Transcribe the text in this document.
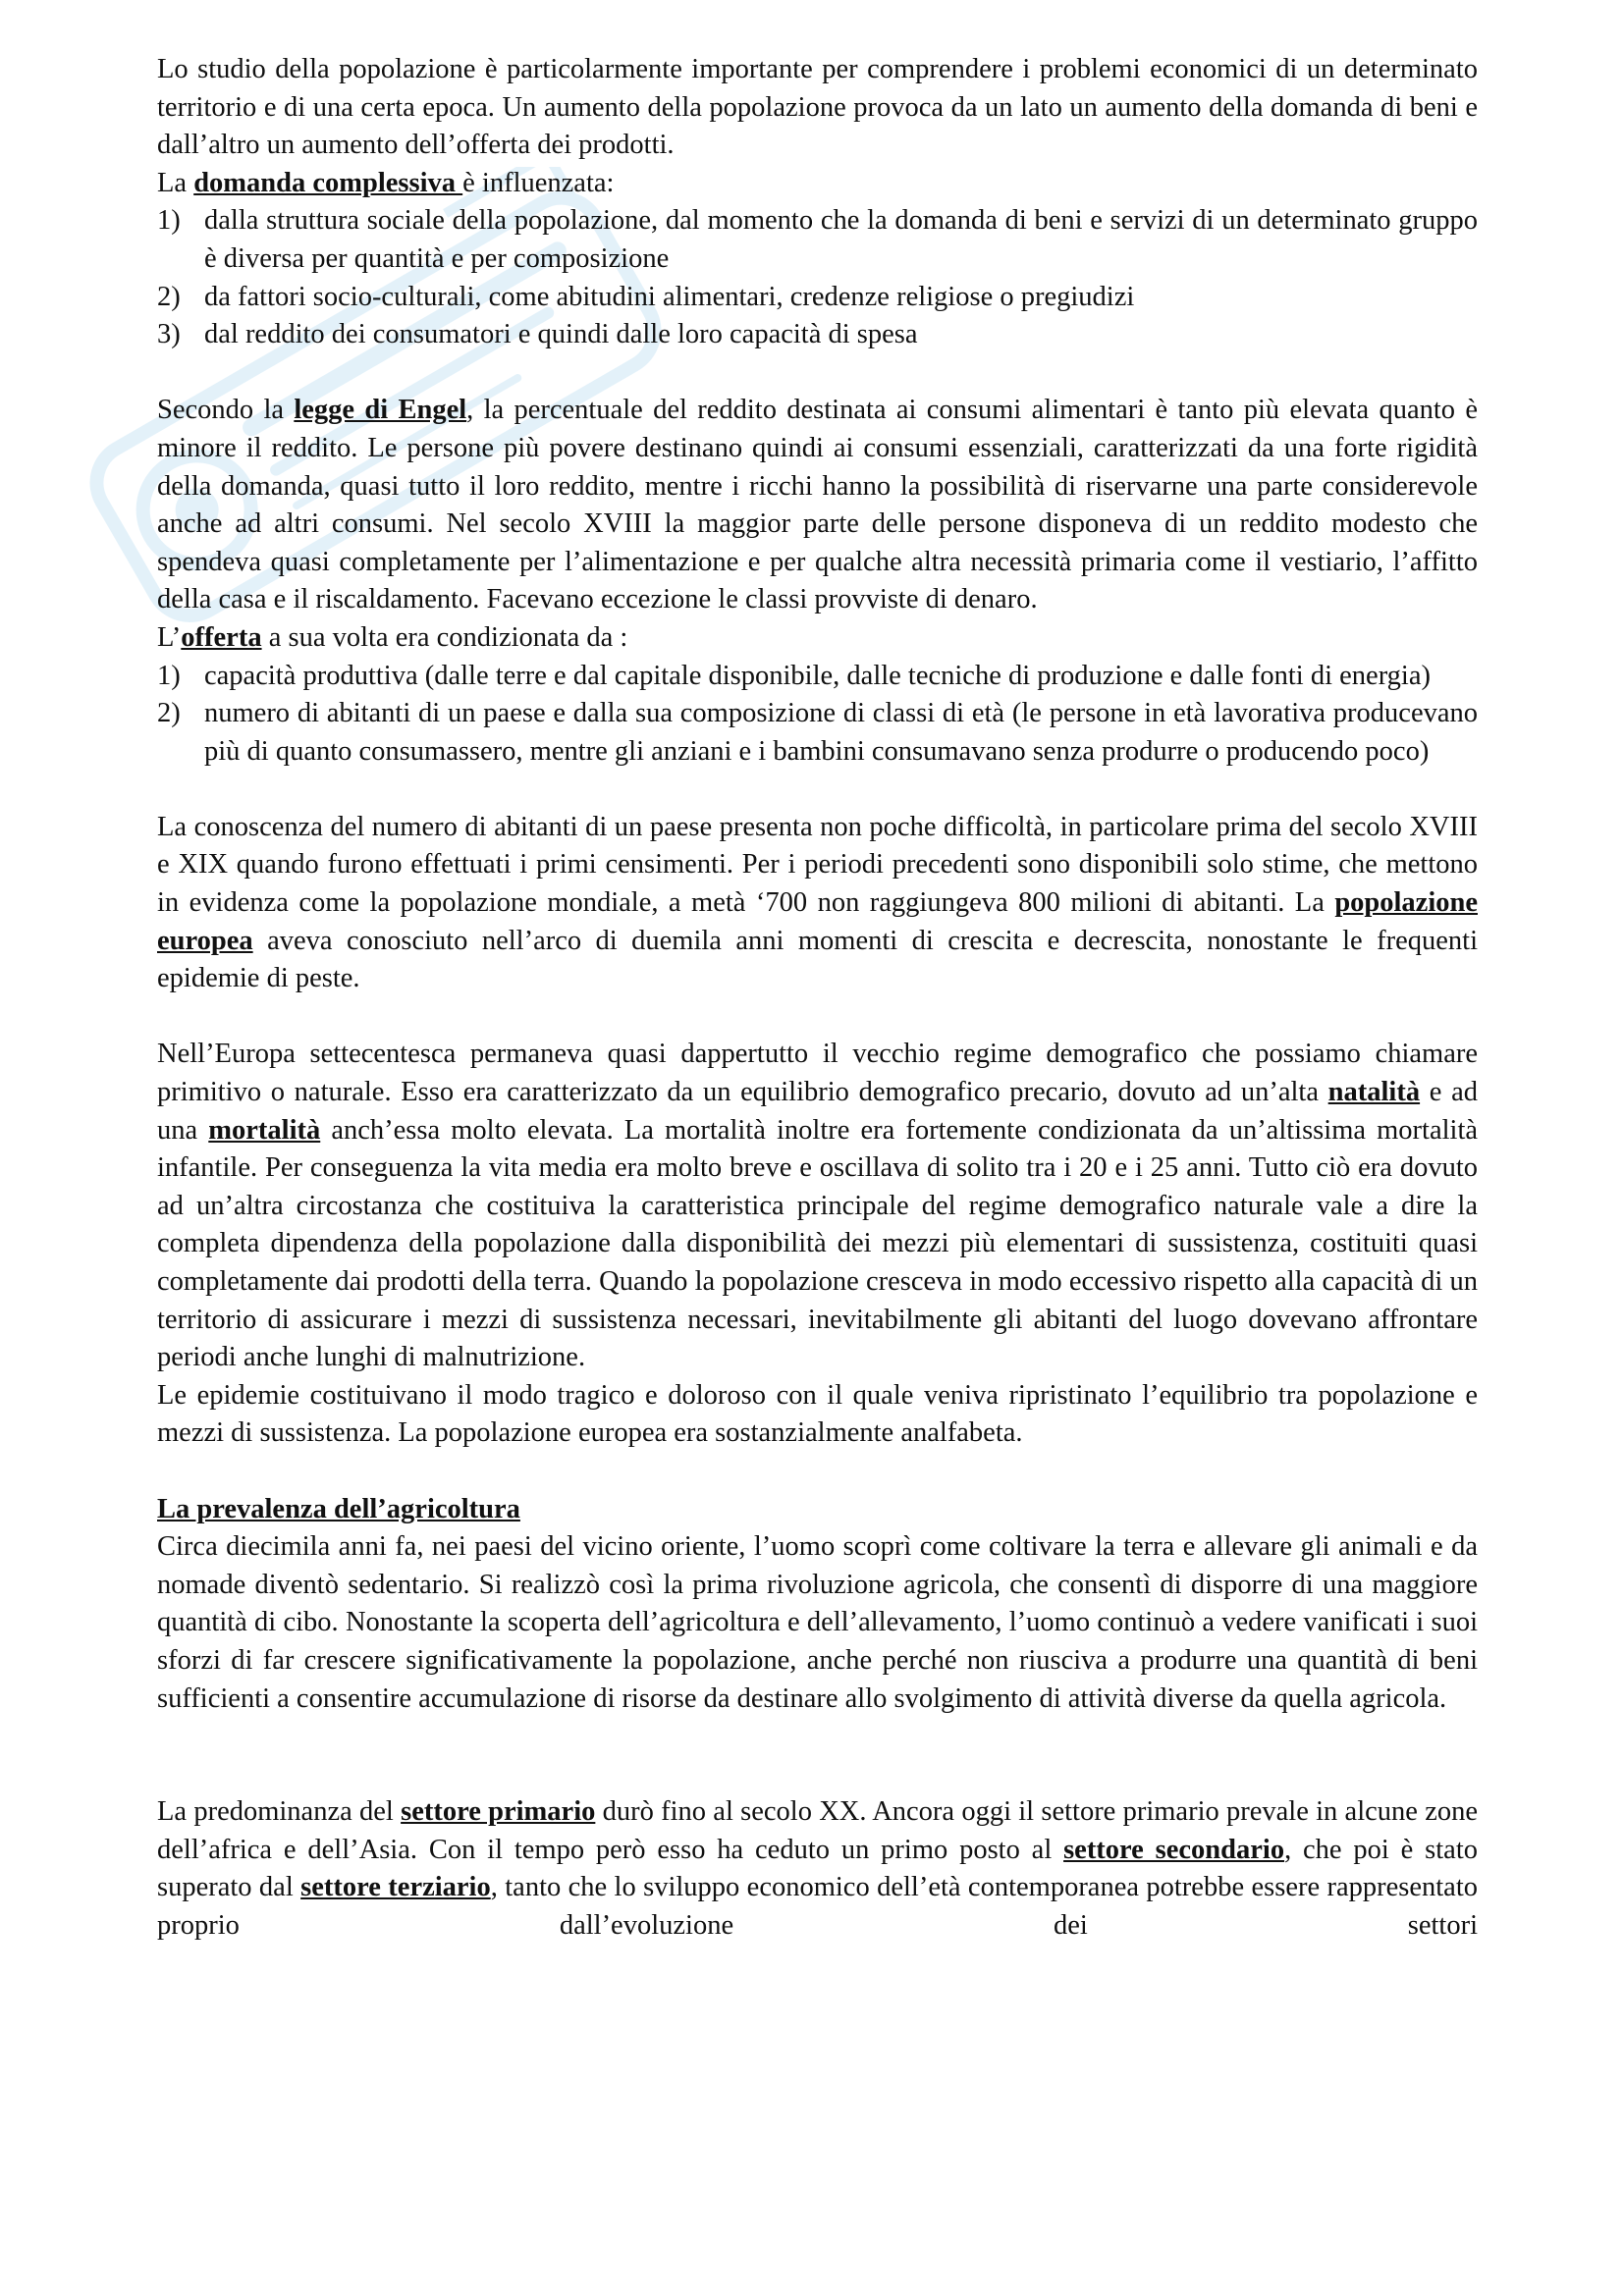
Lo studio della popolazione è particolarmente importante per comprendere i problemi economici di un determinato territorio e di una certa epoca. Un aumento della popolazione provoca da un lato un aumento della domanda di beni e dall’altro un aumento dell’offerta dei prodotti.

La domanda complessiva è influenzata:

1) dalla struttura sociale della popolazione, dal momento che la domanda di beni e servizi di un determinato gruppo è diversa per quantità e per composizione
2) da fattori socio-culturali, come abitudini alimentari, credenze religiose o pregiudizi
3) dal reddito dei consumatori e quindi dalle loro capacità di spesa

Secondo la legge di Engel, la percentuale del reddito destinata ai consumi alimentari è tanto più elevata quanto è minore il reddito. Le persone più povere destinano quindi ai consumi essenziali, caratterizzati da una forte rigidità della domanda, quasi tutto il loro reddito, mentre i ricchi hanno la possibilità di riservarne una parte considerevole anche ad altri consumi. Nel secolo XVIII la maggior parte delle persone disponeva di un reddito modesto che spendeva quasi completamente per l’alimentazione e per qualche altra necessità primaria come il vestiario, l’affitto della casa e il riscaldamento. Facevano eccezione le classi provviste di denaro.

L’offerta a sua volta era condizionata da :

1) capacità produttiva (dalle terre e dal capitale disponibile, dalle tecniche di produzione e dalle fonti di energia)
2) numero di abitanti di un paese e dalla sua composizione di classi di età (le persone in età lavorativa producevano più di quanto consumassero, mentre gli anziani e i bambini consumavano senza produrre o producendo poco)

La conoscenza del numero di abitanti di un paese presenta non poche difficoltà, in particolare prima del secolo XVIII e XIX quando furono effettuati i primi censimenti. Per i periodi precedenti sono disponibili solo stime, che mettono in evidenza come la popolazione mondiale, a metà ‘700 non raggiungeva 800 milioni di abitanti. La popolazione europea aveva conosciuto nell’arco di duemila anni momenti di crescita e decrescita, nonostante le frequenti epidemie di peste.

Nell’Europa settecentesca permaneva quasi dappertutto il vecchio regime demografico che possiamo chiamare primitivo o naturale. Esso era caratterizzato da un equilibrio demografico precario, dovuto ad un’alta natalità e ad una mortalità anch’essa molto elevata. La mortalità inoltre era fortemente condizionata da un’altissima mortalità infantile. Per conseguenza la vita media era molto breve e oscillava di solito tra i 20 e i 25 anni. Tutto ciò era dovuto ad un’altra circostanza che costituiva la caratteristica principale del regime demografico naturale vale a dire la completa dipendenza della popolazione dalla disponibilità dei mezzi più elementari di sussistenza, costituiti quasi completamente dai prodotti della terra. Quando la popolazione cresceva in modo eccessivo rispetto alla capacità di un territorio di assicurare i mezzi di sussistenza necessari, inevitabilmente gli abitanti del luogo dovevano affrontare periodi anche lunghi di malnutrizione.

Le epidemie costituivano il modo tragico e doloroso con il quale veniva ripristinato l’equilibrio tra popolazione e mezzi di sussistenza. La popolazione europea era sostanzialmente analfabeta.

La prevalenza dell’agricoltura

Circa diecimila anni fa, nei paesi del vicino oriente, l’uomo scoprì come coltivare la terra e allevare gli animali e da nomade diventò sedentario. Si realizzò così la prima rivoluzione agricola, che consentì di disporre di una maggiore quantità di cibo. Nonostante la scoperta dell’agricoltura e dell’allevamento, l’uomo continuò a vedere vanificati i suoi sforzi di far crescere significativamente la popolazione, anche perché non riusciva a produrre una quantità di beni sufficienti a consentire accumulazione di risorse da destinare allo svolgimento di attività diverse da quella agricola.

La predominanza del settore primario durò fino al secolo XX. Ancora oggi il settore primario prevale in alcune zone dell’africa e dell’Asia. Con il tempo però esso ha ceduto un primo posto al settore secondario, che poi è stato superato dal settore terziario, tanto che lo sviluppo economico dell’età contemporanea potrebbe essere rappresentato proprio dall’evoluzione dei settori
